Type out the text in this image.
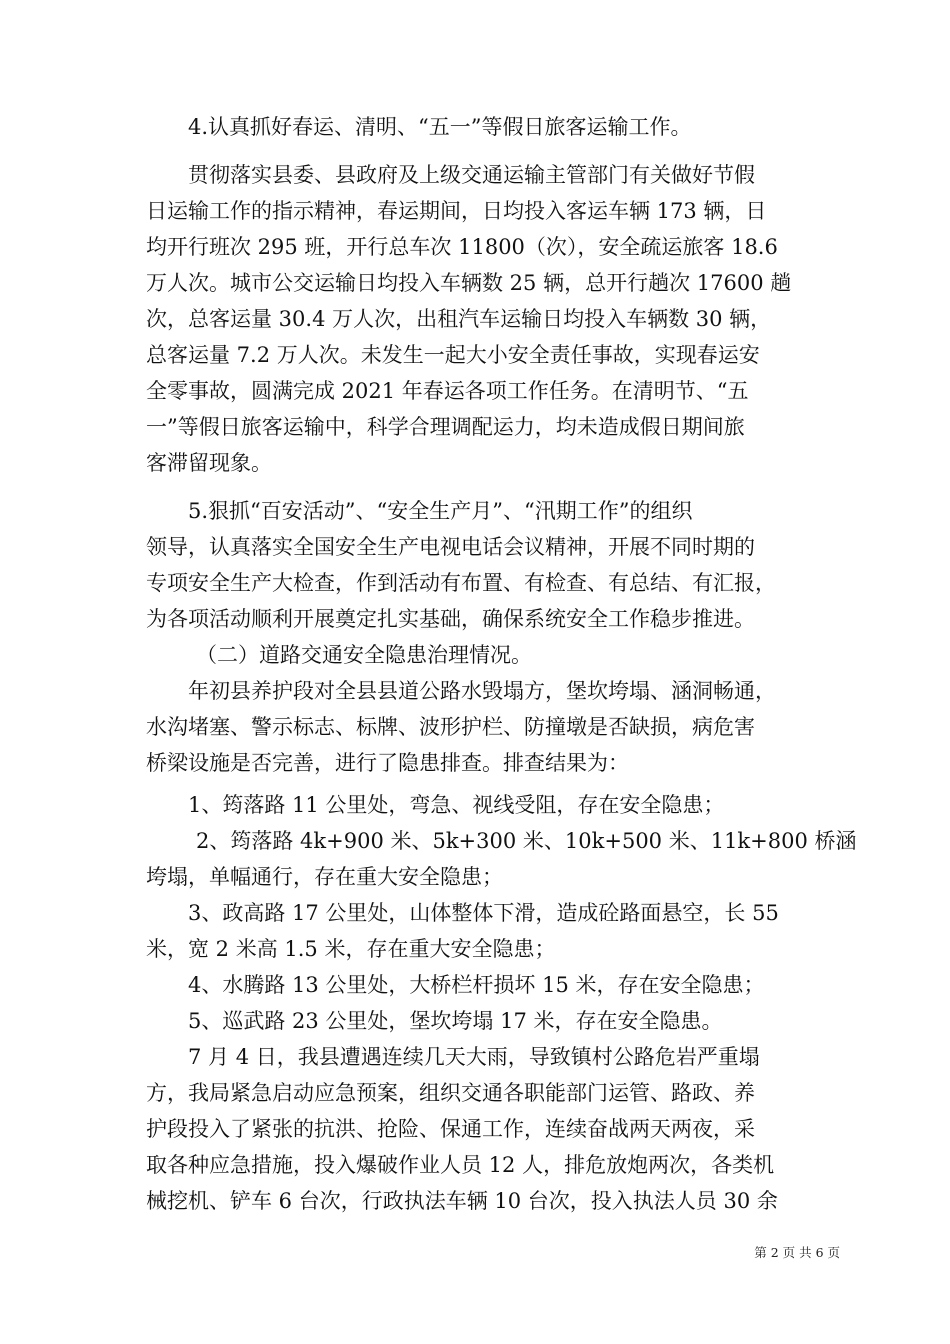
4.认真抓好春运、清明、“五一”等假日旅客运输工作。
贯彻落实县委、县政府及上级交通运输主管部门有关做好节假
日运输工作的指示精神，春运期间，日均投入客运车辆 173 辆，日
均开行班次 295 班，开行总车次 11800（次），安全疏运旅客 18.6
万人次。城市公交运输日均投入车辆数 25 辆，总开行趟次 17600 趟
次，总客运量 30.4 万人次，出租汽车运输日均投入车辆数 30 辆，
总客运量 7.2 万人次。未发生一起大小安全责任事故，实现春运安
全零事故，圆满完成 2021 年春运各项工作任务。在清明节、“五
一”等假日旅客运输中，科学合理调配运力，均未造成假日期间旅
客滞留现象。
5.狠抓“百安活动”、“安全生产月”、“汛期工作”的组织
领导，认真落实全国安全生产电视电话会议精神，开展不同时期的
专项安全生产大检查，作到活动有布置、有检查、有总结、有汇报，
为各项活动顺利开展奠定扎实基础，确保系统安全工作稳步推进。
（二）道路交通安全隐患治理情况。
年初县养护段对全县县道公路水毁塌方，堡坎垮塌、涵洞畅通，
水沟堵塞、警示标志、标牌、波形护栏、防撞墩是否缺损，病危害
桥梁设施是否完善，进行了隐患排查。排查结果为：
1、筠落路 11 公里处，弯急、视线受阻，存在安全隐患；
2、筠落路 4k+900 米、5k+300 米、10k+500 米、11k+800 桥涵
垮塌，单幅通行，存在重大安全隐患；
3、政高路 17 公里处，山体整体下滑，造成砼路面悬空，长 55
米，宽 2 米高 1.5 米，存在重大安全隐患；
4、水腾路 13 公里处，大桥栏杆损坏 15 米，存在安全隐患；
5、巡武路 23 公里处，堡坎垮塌 17 米，存在安全隐患。
7 月 4 日，我县遭遇连续几天大雨，导致镇村公路危岩严重塌
方，我局紧急启动应急预案，组织交通各职能部门运管、路政、养
护段投入了紧张的抗洪、抢险、保通工作，连续奋战两天两夜，采
取各种应急措施，投入爆破作业人员 12 人，排危放炮两次，各类机
械挖机、铲车 6 台次，行政执法车辆 10 台次，投入执法人员 30 余
第 2 页 共 6 页
